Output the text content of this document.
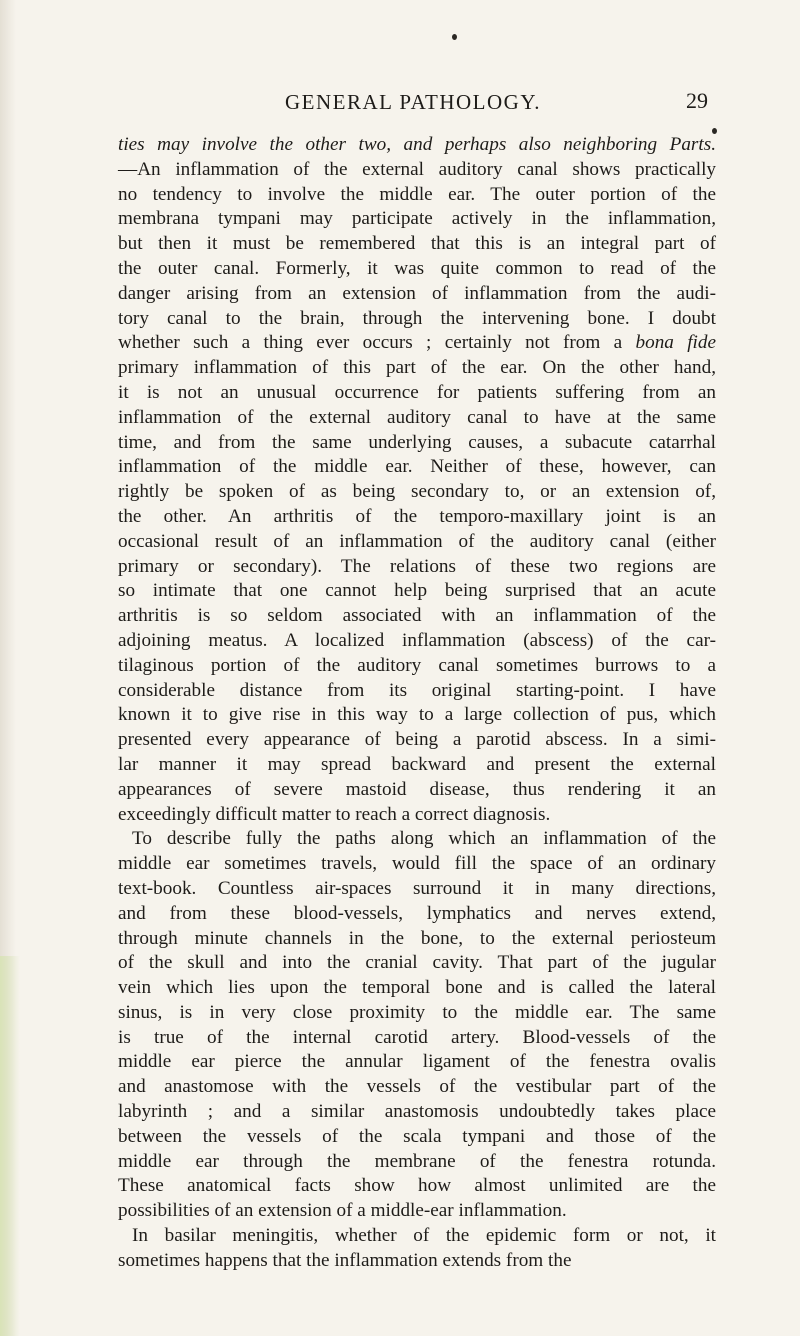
GENERAL PATHOLOGY.	29
ties may involve the other two, and perhaps also neighboring Parts.
—An inflammation of the external auditory canal shows practically
no tendency to involve the middle ear. The outer portion of the
membrana tympani may participate actively in the inflammation,
but then it must be remembered that this is an integral part of
the outer canal. Formerly, it was quite common to read of the
danger arising from an extension of inflammation from the audi-
tory canal to the brain, through the intervening bone. I doubt
whether such a thing ever occurs ; certainly not from a bona fide
primary inflammation of this part of the ear. On the other hand,
it is not an unusual occurrence for patients suffering from an
inflammation of the external auditory canal to have at the same
time, and from the same underlying causes, a subacute catarrhal
inflammation of the middle ear. Neither of these, however, can
rightly be spoken of as being secondary to, or an extension of,
the other. An arthritis of the temporo-maxillary joint is an
occasional result of an inflammation of the auditory canal (either
primary or secondary). The relations of these two regions are
so intimate that one cannot help being surprised that an acute
arthritis is so seldom associated with an inflammation of the
adjoining meatus. A localized inflammation (abscess) of the car-
tilaginous portion of the auditory canal sometimes burrows to a
considerable distance from its original starting-point. I have
known it to give rise in this way to a large collection of pus, which
presented every appearance of being a parotid abscess. In a simi-
lar manner it may spread backward and present the external
appearances of severe mastoid disease, thus rendering it an
exceedingly difficult matter to reach a correct diagnosis.
To describe fully the paths along which an inflammation of the
middle ear sometimes travels, would fill the space of an ordinary
text-book. Countless air-spaces surround it in many directions,
and from these blood-vessels, lymphatics and nerves extend,
through minute channels in the bone, to the external periosteum
of the skull and into the cranial cavity. That part of the jugular
vein which lies upon the temporal bone and is called the lateral
sinus, is in very close proximity to the middle ear. The same
is true of the internal carotid artery. Blood-vessels of the
middle ear pierce the annular ligament of the fenestra ovalis
and anastomose with the vessels of the vestibular part of the
labyrinth ; and a similar anastomosis undoubtedly takes place
between the vessels of the scala tympani and those of the
middle ear through the membrane of the fenestra rotunda.
These anatomical facts show how almost unlimited are the
possibilities of an extension of a middle-ear inflammation.
In basilar meningitis, whether of the epidemic form or not, it
sometimes happens that the inflammation extends from the
